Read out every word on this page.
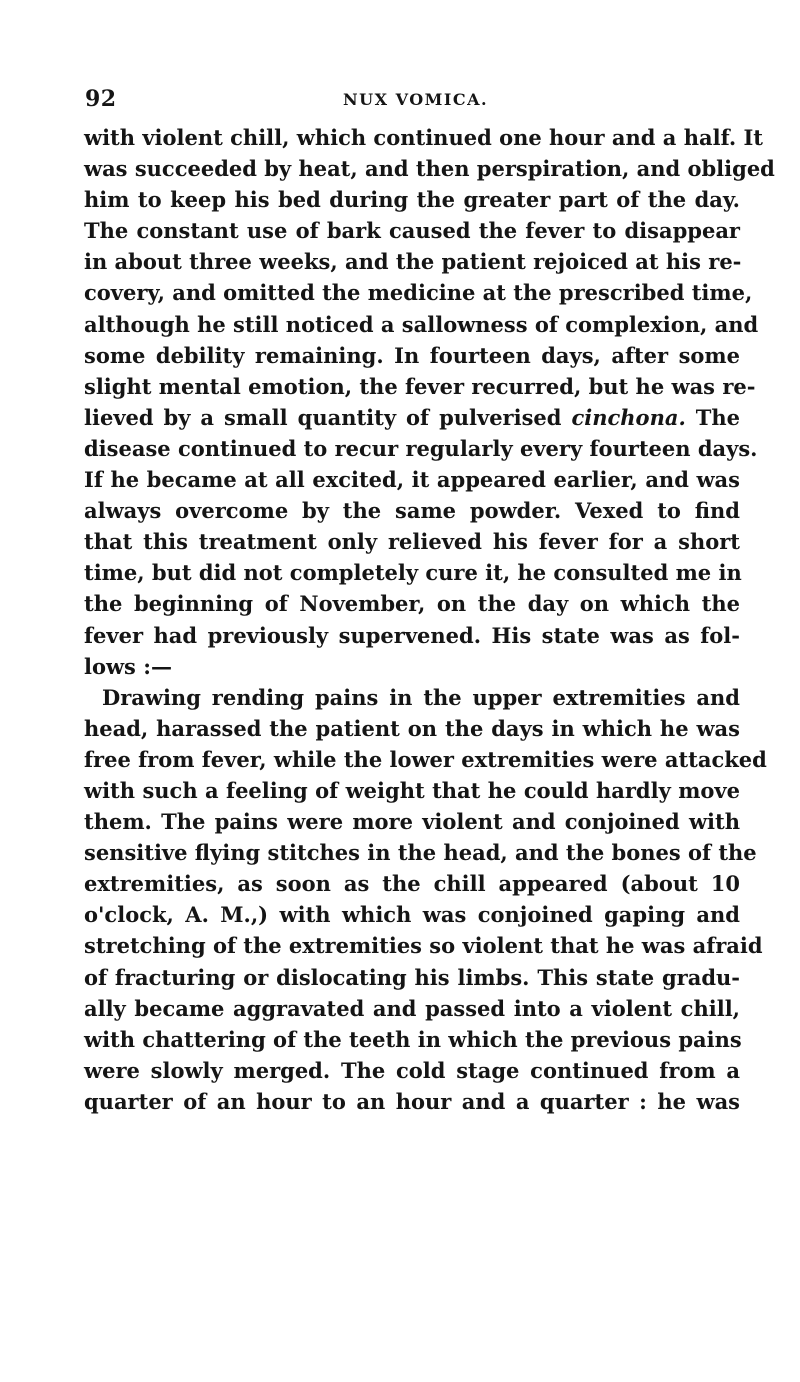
92	NUX VOMICA.
with violent chill, which continued one hour and a half. It
was succeeded by heat, and then perspiration, and obliged
him to keep his bed during the greater part of the day.
The constant use of bark caused the fever to disappear
in about three weeks, and the patient rejoiced at his re-
covery, and omitted the medicine at the prescribed time,
although he still noticed a sallowness of complexion, and
some debility remaining. In fourteen days, after some
slight mental emotion, the fever recurred, but he was re-
lieved by a small quantity of pulverised cinchona. The
disease continued to recur regularly every fourteen days.
If he became at all excited, it appeared earlier, and was
always overcome by the same powder. Vexed to find
that this treatment only relieved his fever for a short
time, but did not completely cure it, he consulted me in
the beginning of November, on the day on which the
fever had previously supervened. His state was as fol-
lows :—
Drawing rending pains in the upper extremities and
head, harassed the patient on the days in which he was
free from fever, while the lower extremities were attacked
with such a feeling of weight that he could hardly move
them. The pains were more violent and conjoined with
sensitive flying stitches in the head, and the bones of the
extremities, as soon as the chill appeared (about 10
o'clock, A. M.,) with which was conjoined gaping and
stretching of the extremities so violent that he was afraid
of fracturing or dislocating his limbs. This state gradu-
ally became aggravated and passed into a violent chill,
with chattering of the teeth in which the previous pains
were slowly merged. The cold stage continued from a
quarter of an hour to an hour and a quarter : he was
